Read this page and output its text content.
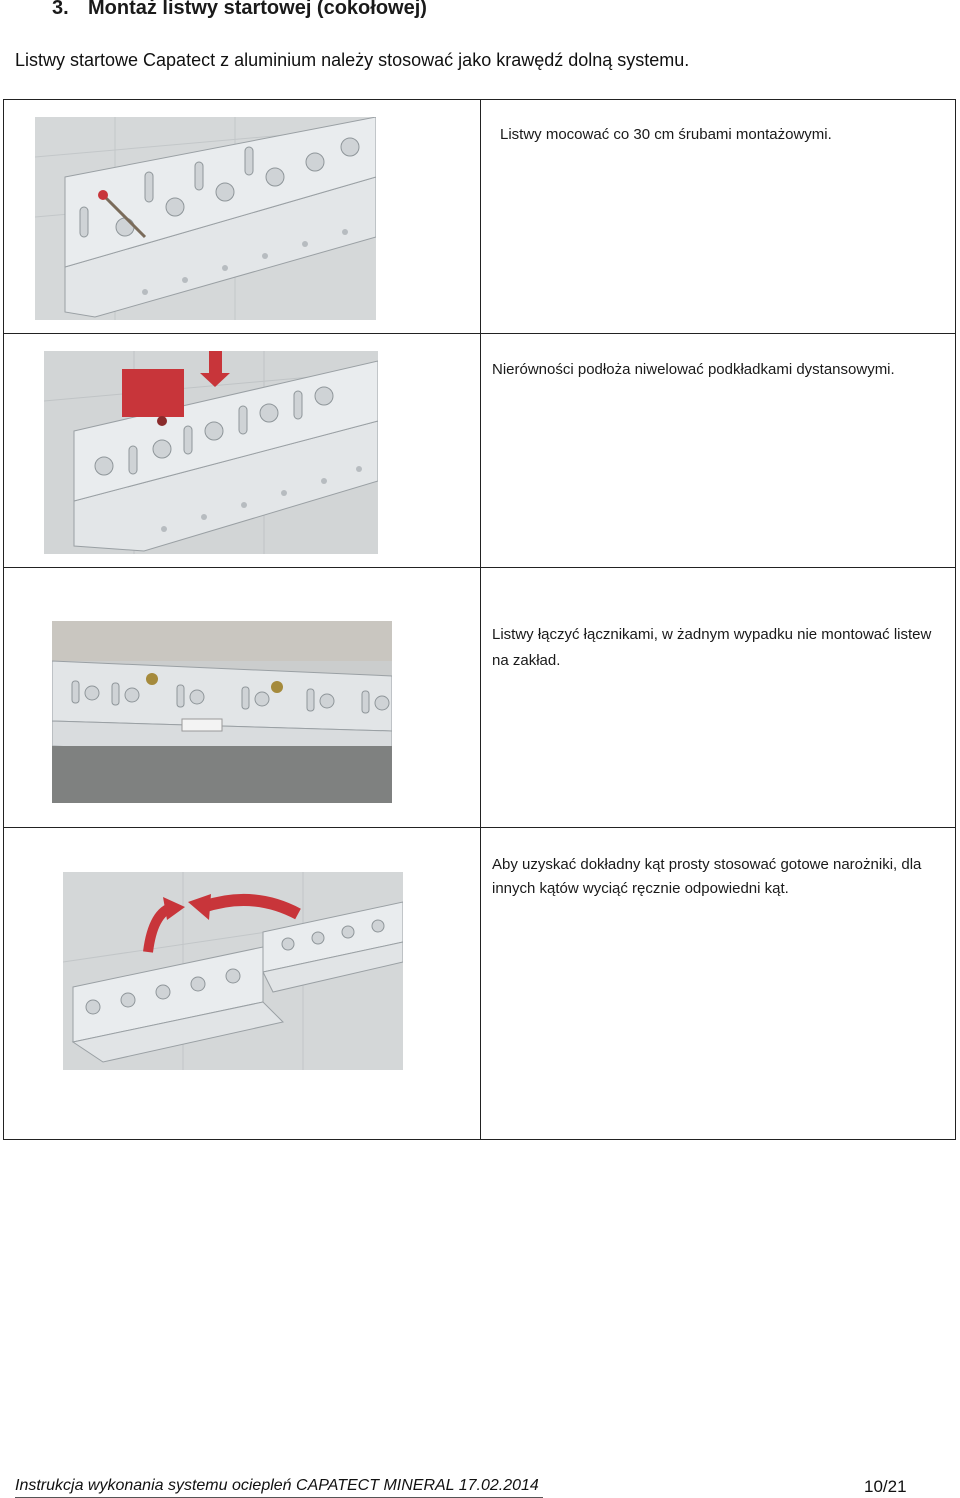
3. Montaż listwy startowej (cokołowej)

Listwy startowe Capatect z aluminium należy stosować jako krawędź dolną systemu.

Listwy mocować co 30 cm śrubami montażowymi.

Nierówności podłoża niwelować podkładkami dystansowymi.

Listwy łączyć łącznikami, w żadnym wypadku nie montować listew na zakład.

Aby uzyskać dokładny kąt prosty stosować gotowe narożniki, dla innych kątów wyciąć ręcznie odpowiedni kąt.
Instrukcja wykonania systemu ociepleń CAPATECT MINERAL 17.02.2014	10/21
